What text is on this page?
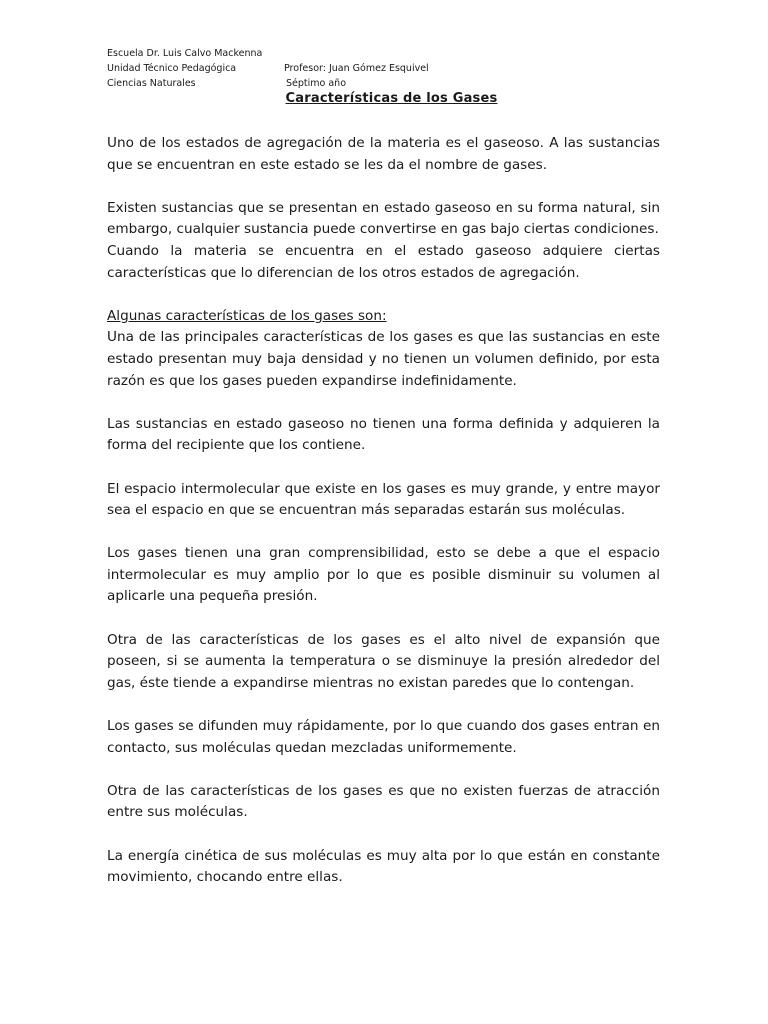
Escuela Dr. Luis Calvo Mackenna
Unidad Técnico Pedagógica	Profesor: Juan Gómez Esquivel
Ciencias Naturales	Séptimo año
Características de los Gases

Uno de los estados de agregación de la materia es el gaseoso. A las sustancias que se encuentran en este estado se les da el nombre de gases.

Existen sustancias que se presentan en estado gaseoso en su forma natural, sin embargo, cualquier sustancia puede convertirse en gas bajo ciertas condiciones.

Cuando la materia se encuentra en el estado gaseoso adquiere ciertas características que lo diferencian de los otros estados de agregación.

Algunas características de los gases son:

Una de las principales características de los gases es que las sustancias en este estado presentan muy baja densidad y no tienen un volumen definido, por esta razón es que los gases pueden expandirse indefinidamente.

Las sustancias en estado gaseoso no tienen una forma definida y adquieren la forma del recipiente que los contiene.

El espacio intermolecular que existe en los gases es muy grande, y entre mayor sea el espacio en que se encuentran más separadas estarán sus moléculas.

Los gases tienen una gran comprensibilidad, esto se debe a que el espacio intermolecular es muy amplio por lo que es posible disminuir su volumen al aplicarle una pequeña presión.

Otra de las características de los gases es el alto nivel de expansión que poseen, si se aumenta la temperatura o se disminuye la presión alrededor del gas, éste tiende a expandirse mientras no existan paredes que lo contengan.

Los gases se difunden muy rápidamente, por lo que cuando dos gases entran en contacto, sus moléculas quedan mezcladas uniformemente.

Otra de las características de los gases es que no existen fuerzas de atracción entre sus moléculas.

La energía cinética de sus moléculas es muy alta por lo que están en constante movimiento, chocando entre ellas.
